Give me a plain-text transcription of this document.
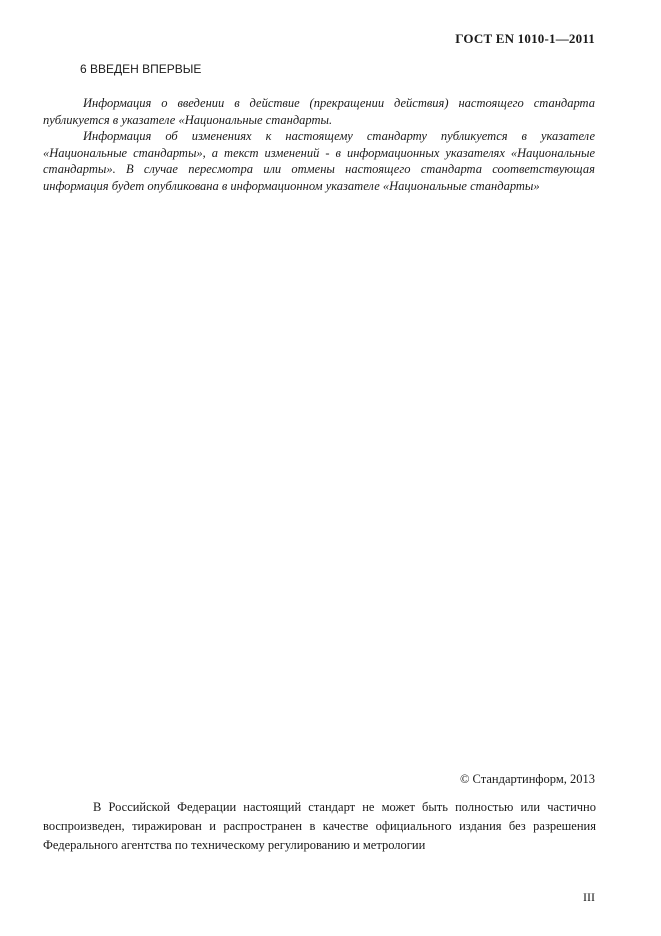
ГОСТ EN 1010-1—2011
6 ВВЕДЕН ВПЕРВЫЕ

Информация о введении в действие (прекращении действия) настоящего стандарта публикуется в указателе «Национальные стандарты.

Информация об изменениях к настоящему стандарту публикуется в указателе «Национальные стандарты», а текст изменений - в информационных указателях «Национальные стандарты». В случае пересмотра или отмены настоящего стандарта соответствующая информация будет опубликована в информационном указателе «Национальные стандарты»

© Стандартинформ, 2013

В Российской Федерации настоящий стандарт не может быть полностью или частично воспроизведен, тиражирован и распространен в качестве официального издания без разрешения Федерального агентства по техническому регулированию и метрологии

III
